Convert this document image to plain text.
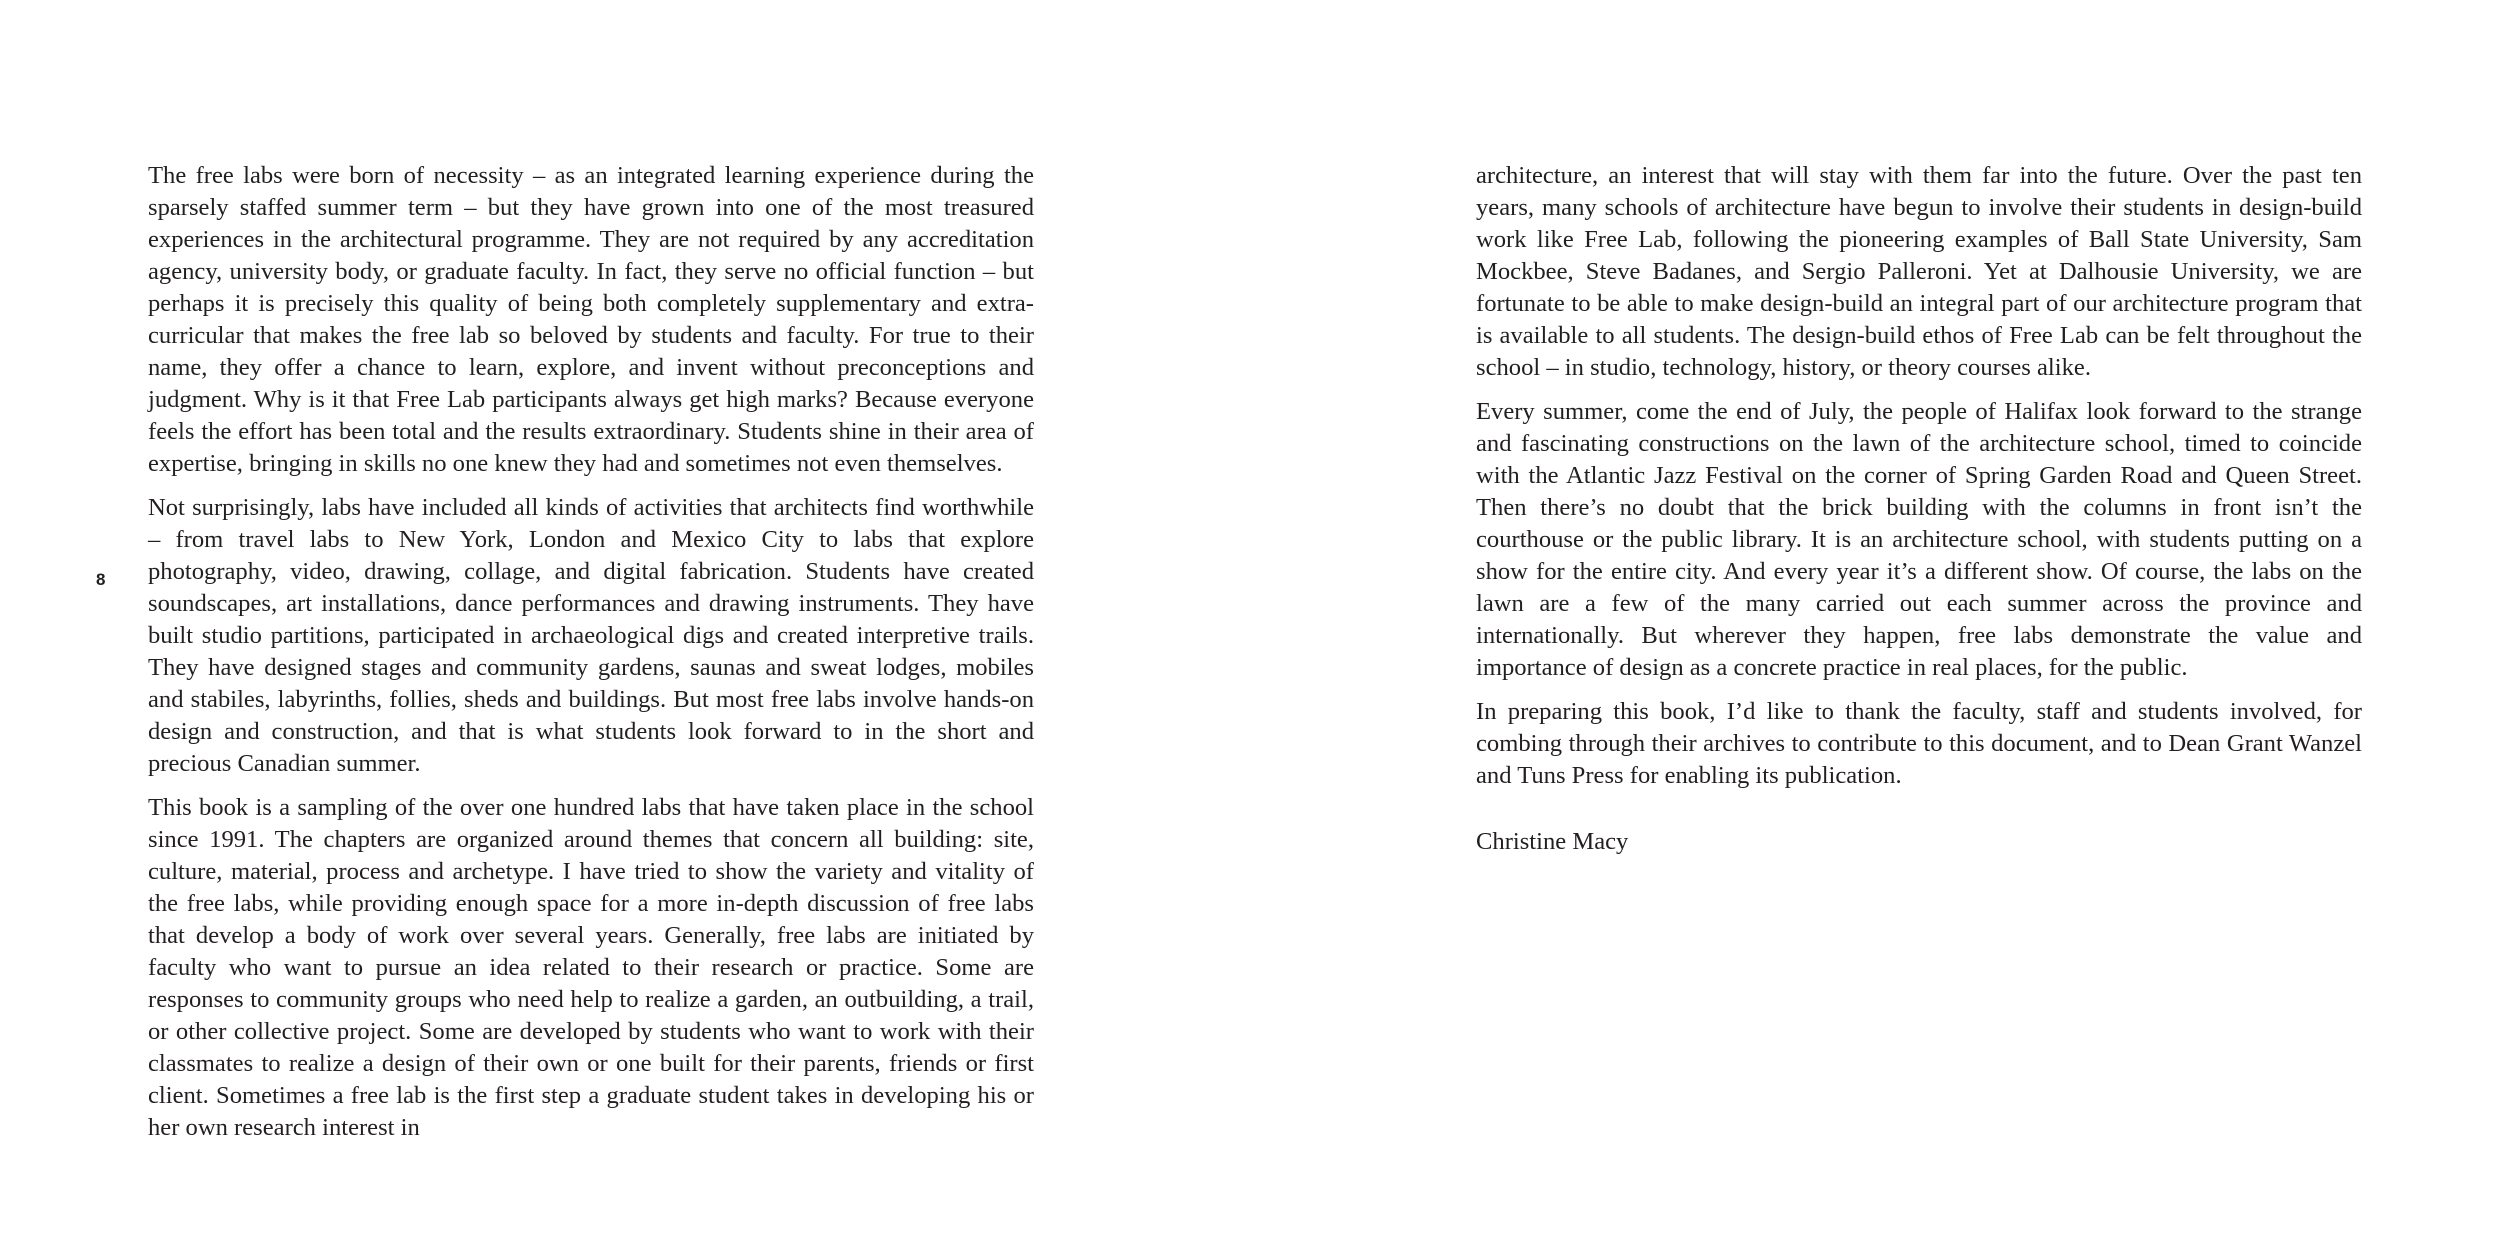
8

The free labs were born of necessity – as an integrated learning experience during the sparsely staffed summer term – but they have grown into one of the most treasured experiences in the architectural programme. They are not required by any accreditation agency, university body, or graduate faculty. In fact, they serve no official function – but perhaps it is precisely this quality of being both completely supplementary and extra-curricular that makes the free lab so beloved by students and faculty. For true to their name, they offer a chance to learn, explore, and invent without preconceptions and judgment. Why is it that Free Lab participants always get high marks? Because everyone feels the effort has been total and the results extraordinary. Students shine in their area of expertise, bringing in skills no one knew they had and sometimes not even themselves.

Not surprisingly, labs have included all kinds of activities that architects find worthwhile – from travel labs to New York, London and Mexico City to labs that explore photography, video, drawing, collage, and digital fabrication. Students have created soundscapes, art installations, dance performances and drawing instruments. They have built studio partitions, participated in archaeological digs and created interpretive trails. They have designed stages and community gardens, saunas and sweat lodges, mobiles and stabiles, labyrinths, follies, sheds and buildings. But most free labs involve hands-on design and construction, and that is what students look forward to in the short and precious Canadian summer.

This book is a sampling of the over one hundred labs that have taken place in the school since 1991. The chapters are organized around themes that concern all building: site, culture, material, process and archetype. I have tried to show the variety and vitality of the free labs, while providing enough space for a more in-depth discussion of free labs that develop a body of work over several years. Generally, free labs are initiated by faculty who want to pursue an idea related to their research or practice. Some are responses to community groups who need help to realize a garden, an outbuilding, a trail, or other collective project. Some are developed by students who want to work with their classmates to realize a design of their own or one built for their parents, friends or first client. Sometimes a free lab is the first step a graduate student takes in developing his or her own research interest in

architecture, an interest that will stay with them far into the future. Over the past ten years, many schools of architecture have begun to involve their students in design-build work like Free Lab, following the pioneering examples of Ball State University, Sam Mockbee, Steve Badanes, and Sergio Palleroni. Yet at Dalhousie University, we are fortunate to be able to make design-build an integral part of our architecture program that is available to all students. The design-build ethos of Free Lab can be felt throughout the school – in studio, technology, history, or theory courses alike.

Every summer, come the end of July, the people of Halifax look forward to the strange and fascinating constructions on the lawn of the architecture school, timed to coincide with the Atlantic Jazz Festival on the corner of Spring Garden Road and Queen Street. Then there’s no doubt that the brick building with the columns in front isn’t the courthouse or the public library. It is an architecture school, with students putting on a show for the entire city. And every year it’s a different show. Of course, the labs on the lawn are a few of the many carried out each summer across the province and internationally. But wherever they happen, free labs demonstrate the value and importance of design as a concrete practice in real places, for the public.

In preparing this book, I’d like to thank the faculty, staff and students involved, for combing through their archives to contribute to this document, and to Dean Grant Wanzel and Tuns Press for enabling its publication.

Christine Macy
